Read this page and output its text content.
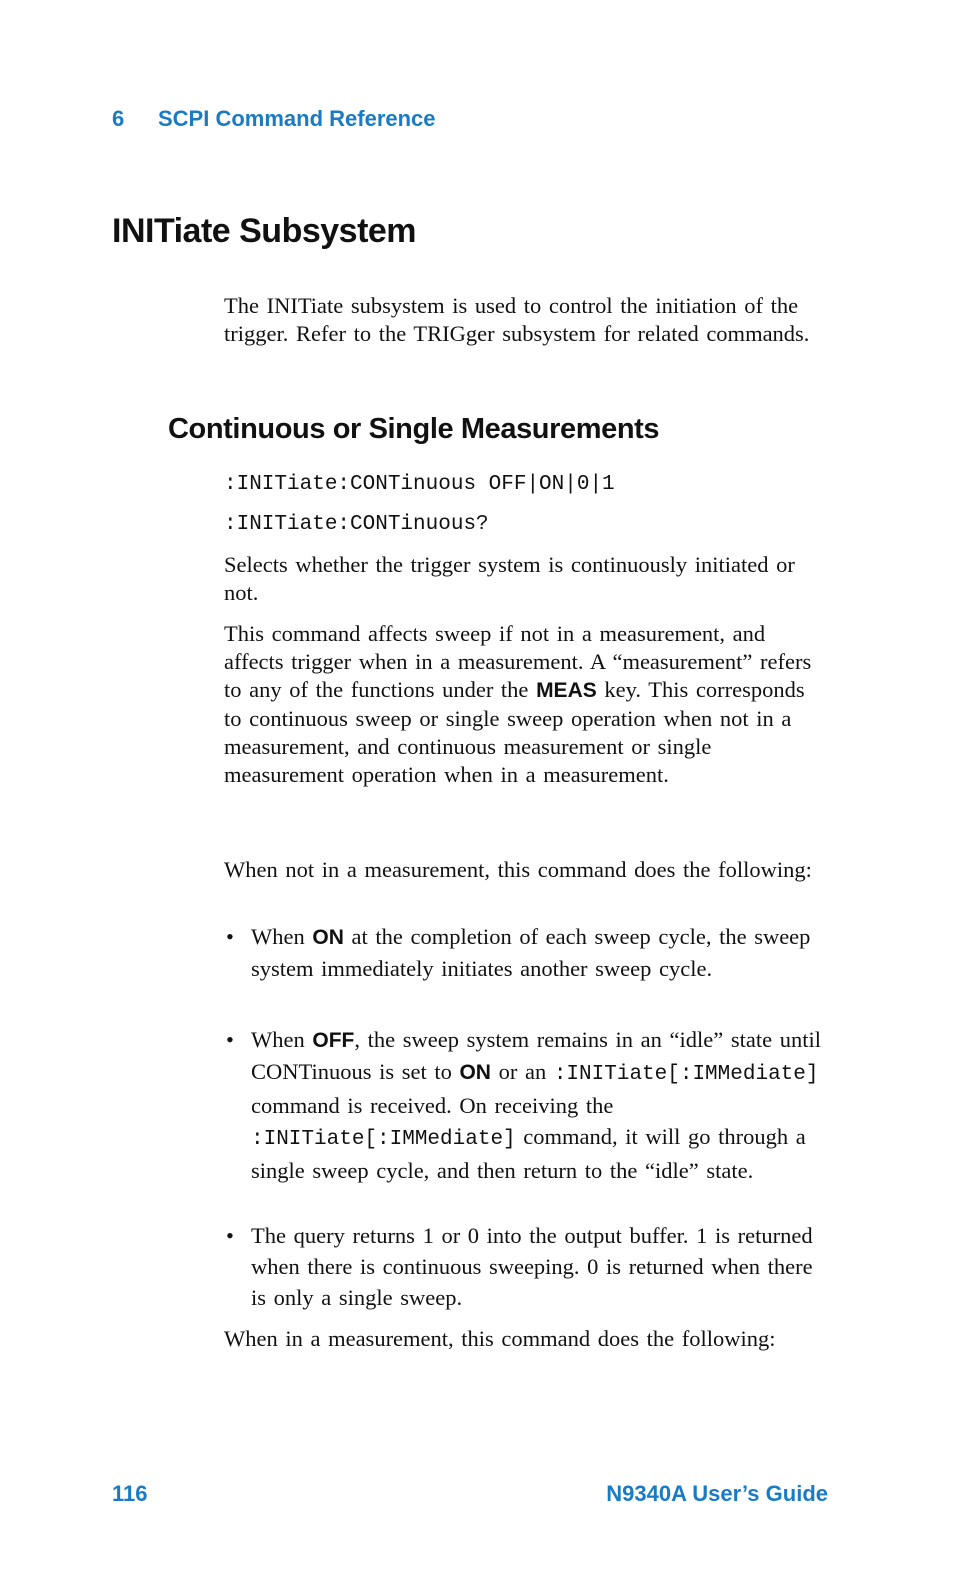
6 SCPI Command Reference
INITiate Subsystem

The INITiate subsystem is used to control the initiation of the trigger. Refer to the TRIGger subsystem for related commands.

Continuous or Single Measurements

:INITiate:CONTinuous OFF|ON|0|1

:INITiate:CONTinuous?

Selects whether the trigger system is continuously initiated or not.

This command affects sweep if not in a measurement, and affects trigger when in a measurement. A “measurement” refers to any of the functions under the MEAS key. This corresponds to continuous sweep or single sweep operation when not in a measurement, and continuous measurement or single measurement operation when in a measurement.

When not in a measurement, this command does the following:

• When ON at the completion of each sweep cycle, the sweep system immediately initiates another sweep cycle.
• When OFF, the sweep system remains in an “idle” state until CONTinuous is set to ON or an :INITiate[:IMMediate] command is received. On receiving the :INITiate[:IMMediate] command, it will go through a single sweep cycle, and then return to the “idle” state.
• The query returns 1 or 0 into the output buffer. 1 is returned when there is continuous sweeping. 0 is returned when there is only a single sweep.

When in a measurement, this command does the following:

116	N9340A User’s Guide
